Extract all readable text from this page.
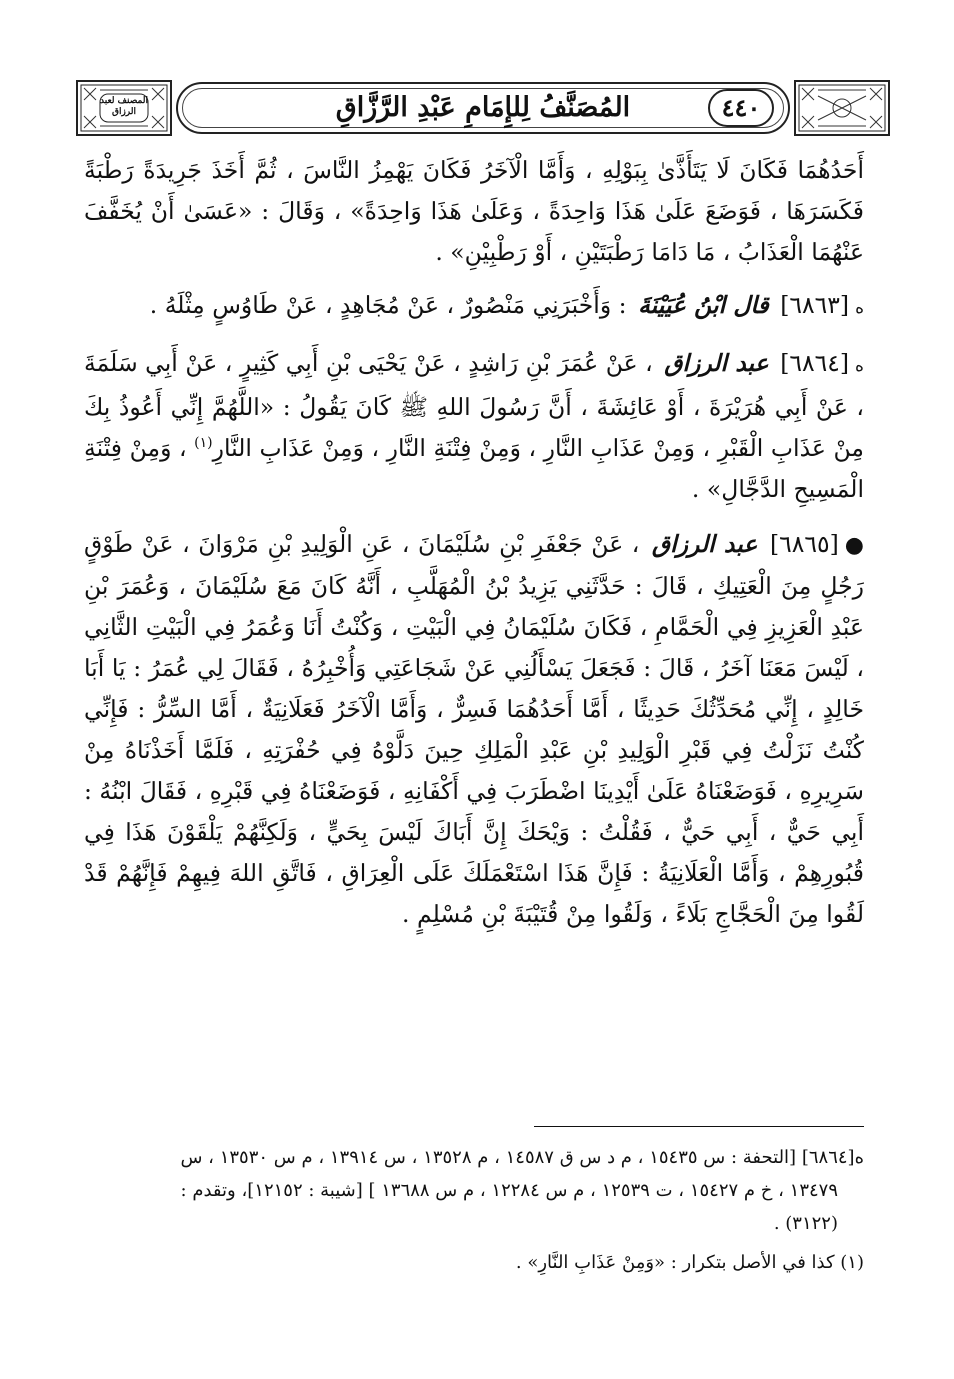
المصنف لعبد الرزاق	المُصَنَّفُ لِلإِمَامِ عَبْدِ الرَّزَّاقِ	٤٤٠

أَحَدُهُمَا فَكَانَ لَا يَتَأَذَّىٰ بِبَوْلِهِ ، وَأَمَّا الْآخَرُ فَكَانَ يَهْمِزُ النَّاسَ ، ثُمَّ أَخَذَ جَرِيدَةً رَطْبَةً فَكَسَرَهَا ، فَوَضَعَ عَلَىٰ هَذَا وَاحِدَةً ، وَعَلَىٰ هَذَا وَاحِدَةً» ، وَقَالَ : «عَسَىٰ أَنْ يُخَفَّفَ عَنْهُمَا الْعَذَابُ ، مَا دَامَا رَطْبَتَيْنِ ، أَوْ رَطْبِيْنِ» .

ه[٦٨٦٣] قال ابْنُ عُيَيْنَةَ : وَأَخْبَرَنِي مَنْصُورٌ ، عَنْ مُجَاهِدٍ ، عَنْ طَاوُسٍ مِثْلَهُ .

ه[٦٨٦٤] عبد الرزاق ، عَنْ عُمَرَ بْنِ رَاشِدٍ ، عَنْ يَحْيَى بْنِ أَبِي كَثِيرٍ ، عَنْ أَبِي سَلَمَةَ ، عَنْ أَبِي هُرَيْرَةَ ، أَوْ عَائِشَةَ ، أَنَّ رَسُولَ اللهِ ﷺ كَانَ يَقُولُ : «اللَّهُمَّ إِنِّي أَعُوذُ بِكَ مِنْ عَذَابِ الْقَبْرِ ، وَمِنْ عَذَابِ النَّارِ ، وَمِنْ فِتْنَةِ النَّارِ ، وَمِنْ عَذَابِ النَّارِ$^{(١)}$ ، وَمِنْ فِتْنَةِ الْمَسِيحِ الدَّجَّالِ» .

●[٦٨٦٥] عبد الرزاق ، عَنْ جَعْفَرِ بْنِ سُلَيْمَانَ ، عَنِ الْوَلِيدِ بْنِ مَرْوَانَ ، عَنْ طَوْقٍ رَجُلٍ مِنَ الْعَتِيكِ ، قَالَ : حَدَّثَنِي يَزِيدُ بْنُ الْمُهَلَّبِ ، أَنَّهُ كَانَ مَعَ سُلَيْمَانَ ، وَعُمَرَ بْنِ عَبْدِ الْعَزِيزِ فِي الْحَمَّامِ ، فَكَانَ سُلَيْمَانُ فِي الْبَيْتِ ، وَكُنْتُ أَنَا وَعُمَرُ فِي الْبَيْتِ الثَّانِي ، لَيْسَ مَعَنَا آخَرُ ، قَالَ : فَجَعَلَ يَسْأَلُنِي عَنْ شَجَاعَتِي وَأُخْبِرُهُ ، فَقَالَ لِي عُمَرُ : يَا أَبَا خَالِدٍ ، إِنِّي مُحَدِّثُكَ حَدِيثًا ، أَمَّا أَحَدُهُمَا فَسِرٌّ ، وَأَمَّا الْآخَرُ فَعَلَانِيَةٌ ، أَمَّا السِّرُّ : فَإِنِّي كُنْتُ نَزَلْتُ فِي قَبْرِ الْوَلِيدِ بْنِ عَبْدِ الْمَلِكِ حِينَ دَلَّوْهُ فِي حُفْرَتِهِ ، فَلَمَّا أَخَذْنَاهُ مِنْ سَرِيرِهِ ، فَوَضَعْنَاهُ عَلَىٰ أَيْدِينَا اضْطَرَبَ فِي أَكْفَانِهِ ، فَوَضَعْنَاهُ فِي قَبْرِهِ ، فَقَالَ ابْنُهُ : أَبِي حَيٌّ ، أَبِي حَيٌّ ، فَقُلْتُ : وَيْحَكَ إِنَّ أَبَاكَ لَيْسَ بِحَيٍّ ، وَلَكِنَّهُمْ يَلْقَوْنَ هَذَا فِي قُبُورِهِمْ ، وَأَمَّا الْعَلَانِيَةُ : فَإِنَّ هَذَا اسْتَعْمَلَكَ عَلَى الْعِرَاقِ ، فَاتَّقِ اللهَ فِيهِمْ فَإِنَّهُمْ قَدْ لَقُوا مِنَ الْحَجَّاجِ بَلَاءً ، وَلَقُوا مِنْ قُتَيْبَةَ بْنِ مُسْلِمٍ .

ه[٦٨٦٤] [التحفة : س ١٥٤٣٥ ، م د س ق ١٤٥٨٧ ، م ١٣٥٢٨ ، س ١٣٩١٤ ، م س ١٣٥٣٠ ، س
١٣٤٧٩ ، خ م ١٥٤٢٧ ، ت ١٢٥٣٩ ، م س ١٢٢٨٤ ، م س ١٣٦٨٨ ] [شيبة : ١٢١٥٢]، وتقدم :
(٣١٢٢) .
(١) كذا في الأصل بتكرار : «وَمِنْ عَذَابِ النَّارِ» .
